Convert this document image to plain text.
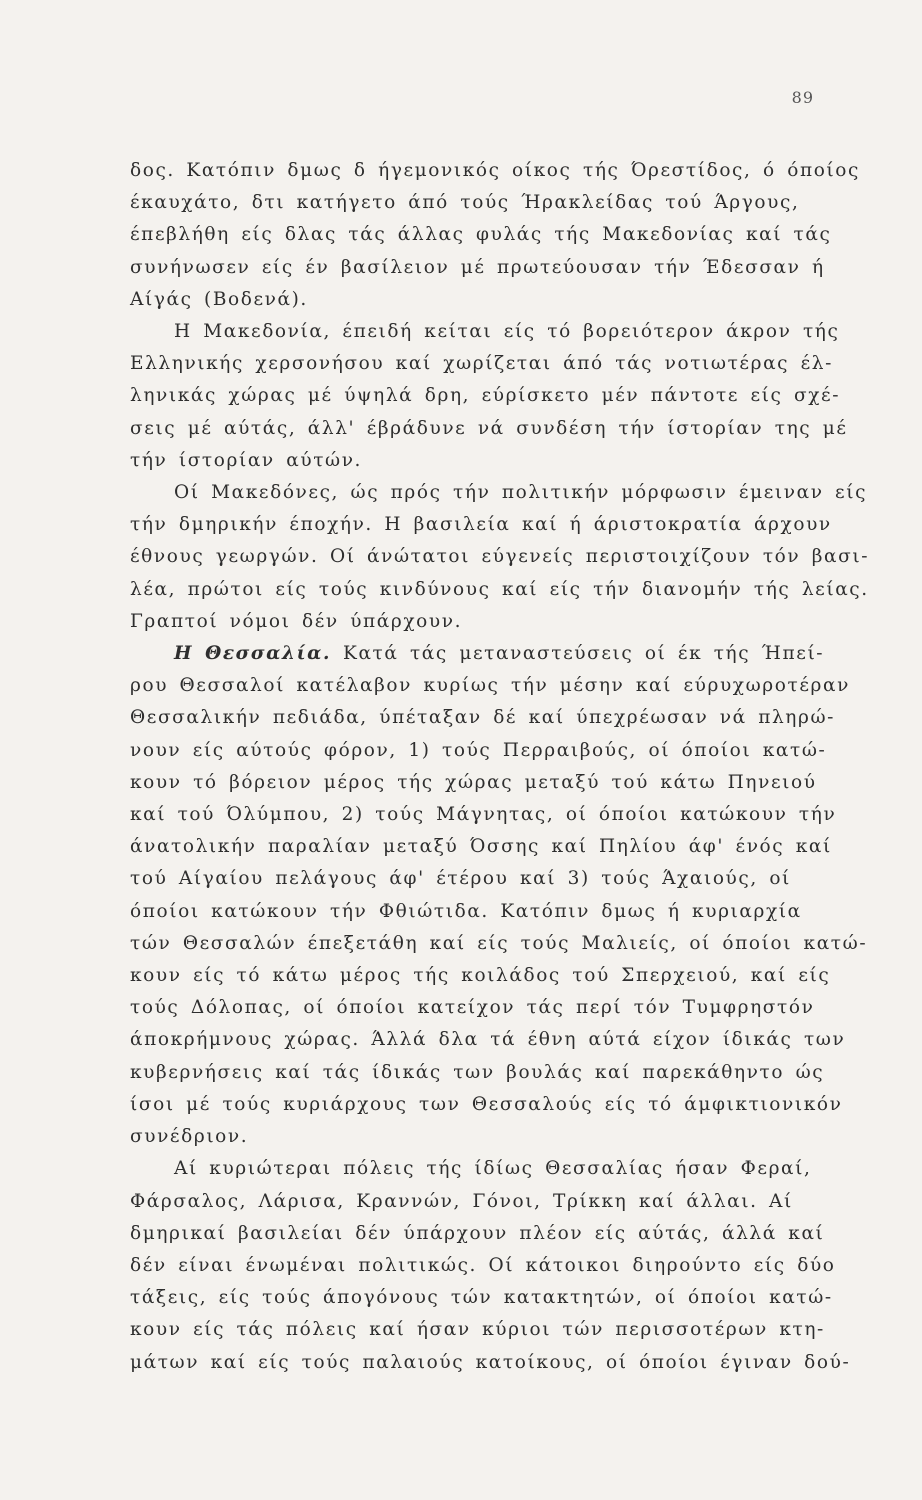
89
δος. Κατόπιν δμως δ ήγεμονικός οίκος τής Όρεστίδος, ό όποίος
έκαυχάτο, δτι κατήγετο άπό τούς Ήρακλείδας τού Άργους,
έπεβλήθη είς δλας τάς άλλας φυλάς τής Μακεδονίας καί τάς
συνήνωσεν είς έν βασίλειον μέ πρωτεύουσαν τήν Έδεσσαν ή
Αίγάς (Βοδενά).
Η Μακεδονία, έπειδή κείται είς τό βορειότερον άκρον τής
Ελληνικής χερσονήσου καί χωρίζεται άπό τάς νοτιωτέρας έλ-
ληνικάς χώρας μέ ύψηλά δρη, εύρίσκετο μέν πάντοτε είς σχέ-
σεις μέ αύτάς, άλλ' έβράδυνε νά συνδέση τήν ίστορίαν της μέ
τήν ίστορίαν αύτών.
Οί Μακεδόνες, ώς πρός τήν πολιτικήν μόρφωσιν έμειναν είς
τήν δμηρικήν έποχήν. Η βασιλεία καί ή άριστοκρατία άρχουν
έθνους γεωργών. Οί άνώτατοι εύγενείς περιστοιχίζουν τόν βασι-
λέα, πρώτοι είς τούς κινδύνους καί είς τήν διανομήν τής λείας.
Γραπτοί νόμοι δέν ύπάρχουν.
Η Θεσσαλία. Κατά τάς μεταναστεύσεις οί έκ τής Ήπεί-
ρου Θεσσαλοί κατέλαβον κυρίως τήν μέσην καί εύρυχωροτέραν
Θεσσαλικήν πεδιάδα, ύπέταξαν δέ καί ύπεχρέωσαν νά πληρώ-
νουν είς αύτούς φόρον, 1) τούς Περραιβούς, οί όποίοι κατώ-
κουν τό βόρειον μέρος τής χώρας μεταξύ τού κάτω Πηνειού
καί τού Όλύμπου, 2) τούς Μάγνητας, οί όποίοι κατώκουν τήν
άνατολικήν παραλίαν μεταξύ Όσσης καί Πηλίου άφ' ένός καί
τού Αίγαίου πελάγους άφ' έτέρου καί 3) τούς Άχαιούς, οί
όποίοι κατώκουν τήν Φθιώτιδα. Κατόπιν δμως ή κυριαρχία
τών Θεσσαλών έπεξετάθη καί είς τούς Μαλιείς, οί όποίοι κατώ-
κουν είς τό κάτω μέρος τής κοιλάδος τού Σπερχειού, καί είς
τούς Δόλοπας, οί όποίοι κατείχον τάς περί τόν Τυμφρηστόν
άποκρήμνους χώρας. Άλλά δλα τά έθνη αύτά είχον ίδικάς των
κυβερνήσεις καί τάς ίδικάς των βουλάς καί παρεκάθηντο ώς
ίσοι μέ τούς κυριάρχους των Θεσσαλούς είς τό άμφικτιονικόν
συνέδριον.
Αί κυριώτεραι πόλεις τής ίδίως Θεσσαλίας ήσαν Φεραί,
Φάρσαλος, Λάρισα, Κραννών, Γόνοι, Τρίκκη καί άλλαι. Αί
δμηρικαί βασιλείαι δέν ύπάρχουν πλέον είς αύτάς, άλλά καί
δέν είναι ένωμέναι πολιτικώς. Οί κάτοικοι διηρούντο είς δύο
τάξεις, είς τούς άπογόνους τών κατακτητών, οί όποίοι κατώ-
κουν είς τάς πόλεις καί ήσαν κύριοι τών περισσοτέρων κτη-
μάτων καί είς τούς παλαιούς κατοίκους, οί όποίοι έγιναν δού-
